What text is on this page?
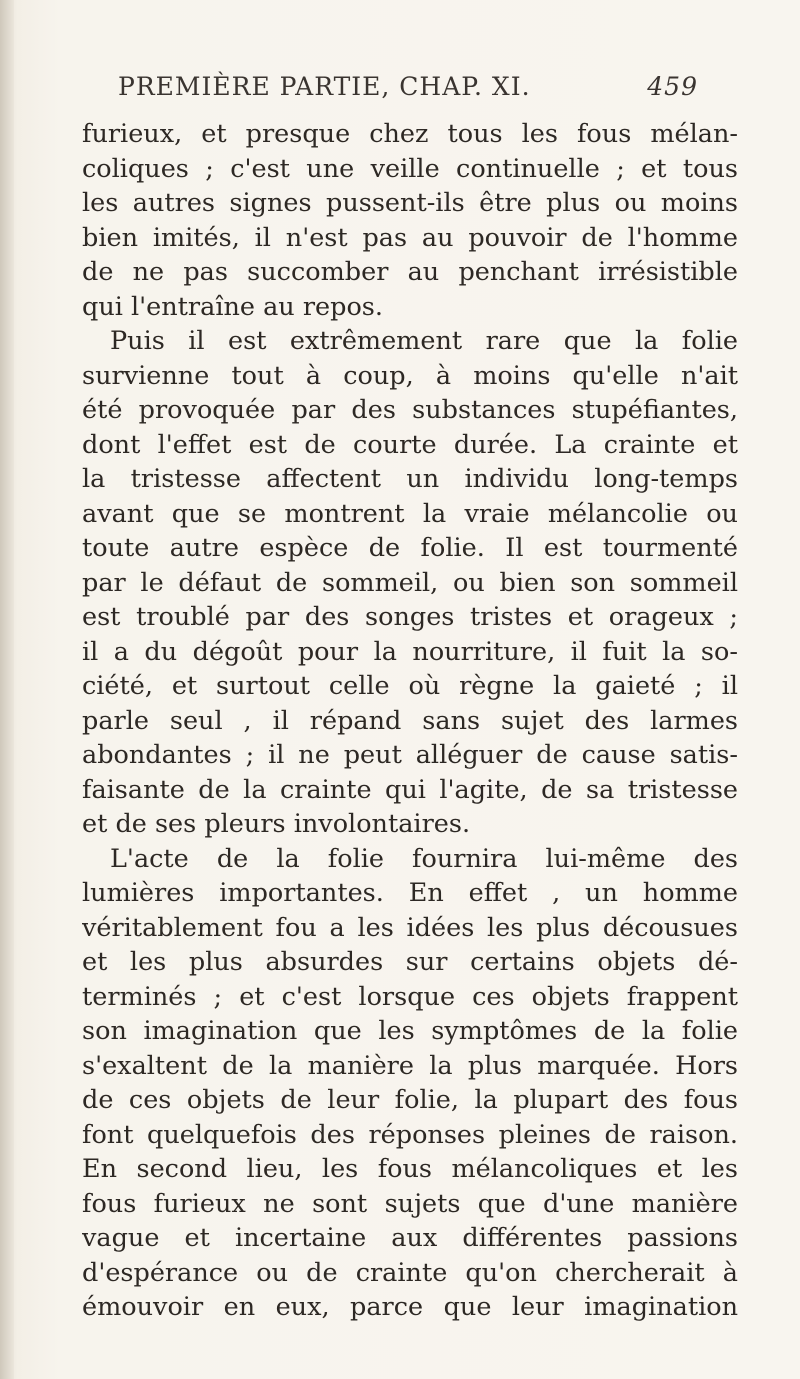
PREMIÈRE PARTIE, CHAP. XI.	459
furieux, et presque chez tous les fous mélan-
coliques ; c'est une veille continuelle ; et tous
les autres signes pussent-ils être plus ou moins
bien imités, il n'est pas au pouvoir de l'homme
de ne pas succomber au penchant irrésistible
qui l'entraîne au repos.
Puis il est extrêmement rare que la folie
survienne tout à coup, à moins qu'elle n'ait
été provoquée par des substances stupéfiantes,
dont l'effet est de courte durée. La crainte et
la tristesse affectent un individu long-temps
avant que se montrent la vraie mélancolie ou
toute autre espèce de folie. Il est tourmenté
par le défaut de sommeil, ou bien son sommeil
est troublé par des songes tristes et orageux ;
il a du dégoût pour la nourriture, il fuit la so-
ciété, et surtout celle où règne la gaieté ; il
parle seul , il répand sans sujet des larmes
abondantes ; il ne peut alléguer de cause satis-
faisante de la crainte qui l'agite, de sa tristesse
et de ses pleurs involontaires.
L'acte de la folie fournira lui-même des
lumières importantes. En effet , un homme
véritablement fou a les idées les plus décousues
et les plus absurdes sur certains objets dé-
terminés ; et c'est lorsque ces objets frappent
son imagination que les symptômes de la folie
s'exaltent de la manière la plus marquée. Hors
de ces objets de leur folie, la plupart des fous
font quelquefois des réponses pleines de raison.
En second lieu, les fous mélancoliques et les
fous furieux ne sont sujets que d'une manière
vague et incertaine aux différentes passions
d'espérance ou de crainte qu'on chercherait à
émouvoir en eux, parce que leur imagination
